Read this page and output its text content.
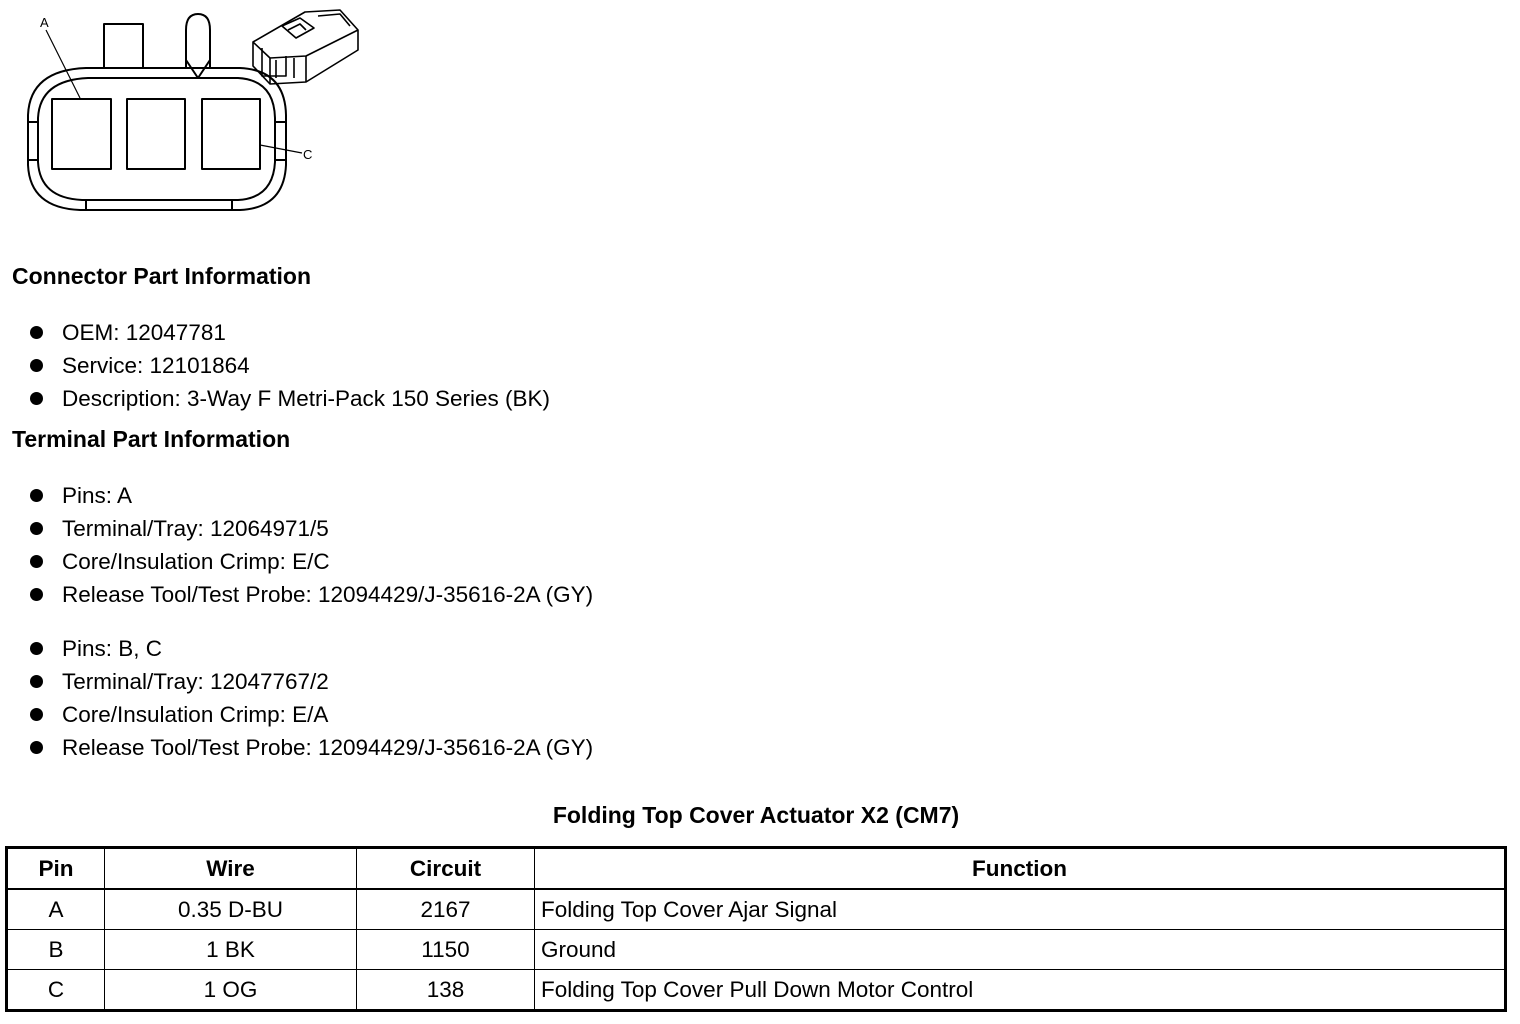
A
C
Connector Part Information
OEM: 12047781
Service: 12101864
Description: 3-Way F Metri-Pack 150 Series (BK)
Terminal Part Information
Pins: A
Terminal/Tray: 12064971/5
Core/Insulation Crimp: E/C
Release Tool/Test Probe: 12094429/J-35616-2A (GY)
Pins: B, C
Terminal/Tray: 12047767/2
Core/Insulation Crimp: E/A
Release Tool/Test Probe: 12094429/J-35616-2A (GY)
Folding Top Cover Actuator X2 (CM7)
Pin	Wire	Circuit	Function
A	0.35 D-BU	2167	Folding Top Cover Ajar Signal
B	1 BK	1150	Ground
C	1 OG	138	Folding Top Cover Pull Down Motor Control
